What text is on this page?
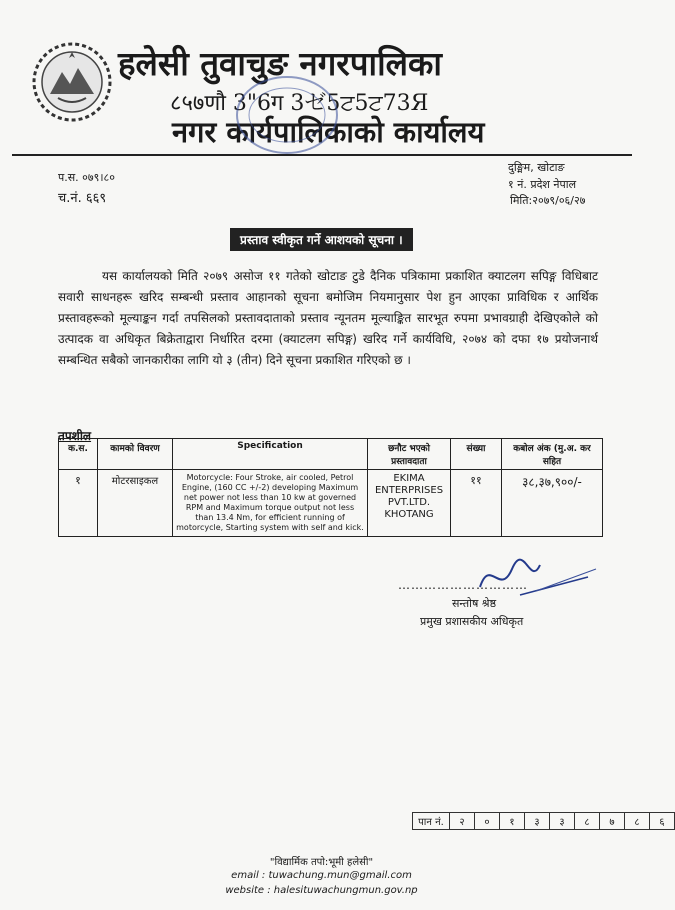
हलेसी तुवाचुङ नगरपालिका
८५७णौ 3"6ग 3ゼ5ਟ5ਟ73Я
नगर कार्यपालिकाको कार्यालय
प.स. ०७९।८०
च.नं. ६६९
दुङ्मिम, खोटाङ
१ नं. प्रदेश नेपाल
मिति:२०७९/०६/२७
प्रस्ताव स्वीकृत गर्ने आशयको सूचना ।
यस कार्यालयको मिति २०७९ असोज ११ गतेको खोटाङ टुडे दैनिक पत्रिकामा प्रकाशित क्याटलग सपिङ्ग विधिबाट सवारी साधनहरू खरिद सम्बन्धी प्रस्ताव आहानको सूचना बमोजिम नियमानुसार पेश हुन आएका प्राविधिक र आर्थिक प्रस्तावहरूको मूल्याङ्कन गर्दा तपसिलको प्रस्तावदाताको प्रस्ताव न्यूनतम मूल्याङ्कित सारभूत रुपमा प्रभावग्राही देखिएकोले को उत्पादक वा अधिकृत बिक्रेताद्वारा निर्धारित दरमा (क्याटलग सपिङ्ग) खरिद गर्ने कार्यविधि, २०७४ को दफा १७ प्रयोजनार्थ सम्बन्धित सबैको जानकारीका लागि यो ३ (तीन) दिने सूचना प्रकाशित गरिएको छ ।
तपशील
क.स.	कामको विवरण	Specification	छनौट भएको प्रस्तावदाता	संख्या	कबोल अंक (मु.अ. कर सहित
१	मोटरसाइकल	Motorcycle: Four Stroke, air cooled, Petrol Engine, (160 CC +/-2) developing Maximum net power not less than 10 kw at governed RPM and Maximum torque output not less than 13.4 Nm, for efficient running of motorcycle, Starting system with self and kick.	EKIMA ENTERPRISES PVT.LTD. KHOTANG	११	३८,३७,९००/-
…………………………
सन्तोष श्रेष्ठ
प्रमुख प्रशासकीय अधिकृत
पान नं.	२	०	१	३	३	८	७	८	६
"विद्यार्मिक तपो:भूमी हलेसी"
email : tuwachung.mun@gmail.com
website : halesituwachungmun.gov.np
